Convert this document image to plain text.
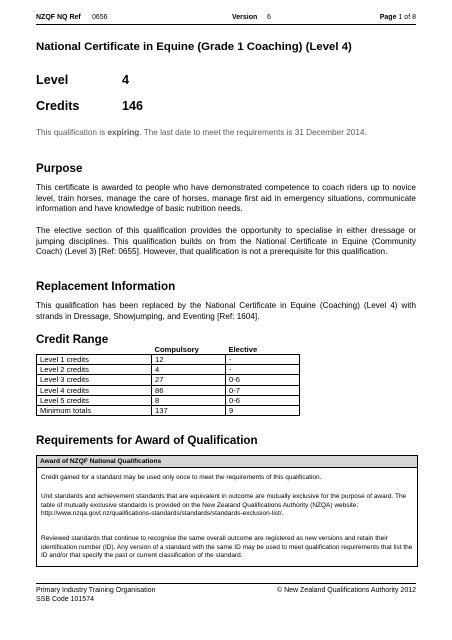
NZQF NQ Ref 0656	Version 6	Page 1 of 8
National Certificate in Equine (Grade 1 Coaching) (Level 4)
Level	4
Credits	146
This qualification is expiring. The last date to meet the requirements is 31 December 2014.
Purpose

This certificate is awarded to people who have demonstrated competence to coach riders up to novice level, train horses, manage the care of horses, manage first aid in emergency situations, communicate information and have knowledge of basic nutrition needs.

The elective section of this qualification provides the opportunity to specialise in either dressage or jumping disciplines. This qualification builds on from the National Certificate in Equine (Community Coach) (Level 3) [Ref: 0655]. However, that qualification is not a prerequisite for this qualification.

Replacement Information

This qualification has been replaced by the National Certificate in Equine (Coaching) (Level 4) with strands in Dressage, Showjumping, and Eventing [Ref: 1604].

Credit Range
	Compulsory	Elective
Level 1 credits	12	-
Level 2 credits	4	-
Level 3 credits	27	0-6
Level 4 credits	86	0-7
Level 5 credits	8	0-6
Minimum totals	137	9
Requirements for Award of Qualification
Award of NZQF National Qualifications

Credit gained for a standard may be used only once to meet the requirements of this qualification.

Unit standards and achievement standards that are equivalent in outcome are mutually exclusive for the purpose of award. The table of mutually exclusive standards is provided on the New Zealand Qualifications Authority (NZQA) website: http://www.nzqa.govt.nz/qualifications-standards/standards/standards-exclusion-list/.

Reviewed standards that continue to recognise the same overall outcome are registered as new versions and retain their identification number (ID). Any version of a standard with the same ID may be used to meet qualification requirements that list the ID and/or that specify the past or current classification of the standard.

Primary Industry Training Organisation
SSB Code 101574
© New Zealand Qualifications Authority 2012
